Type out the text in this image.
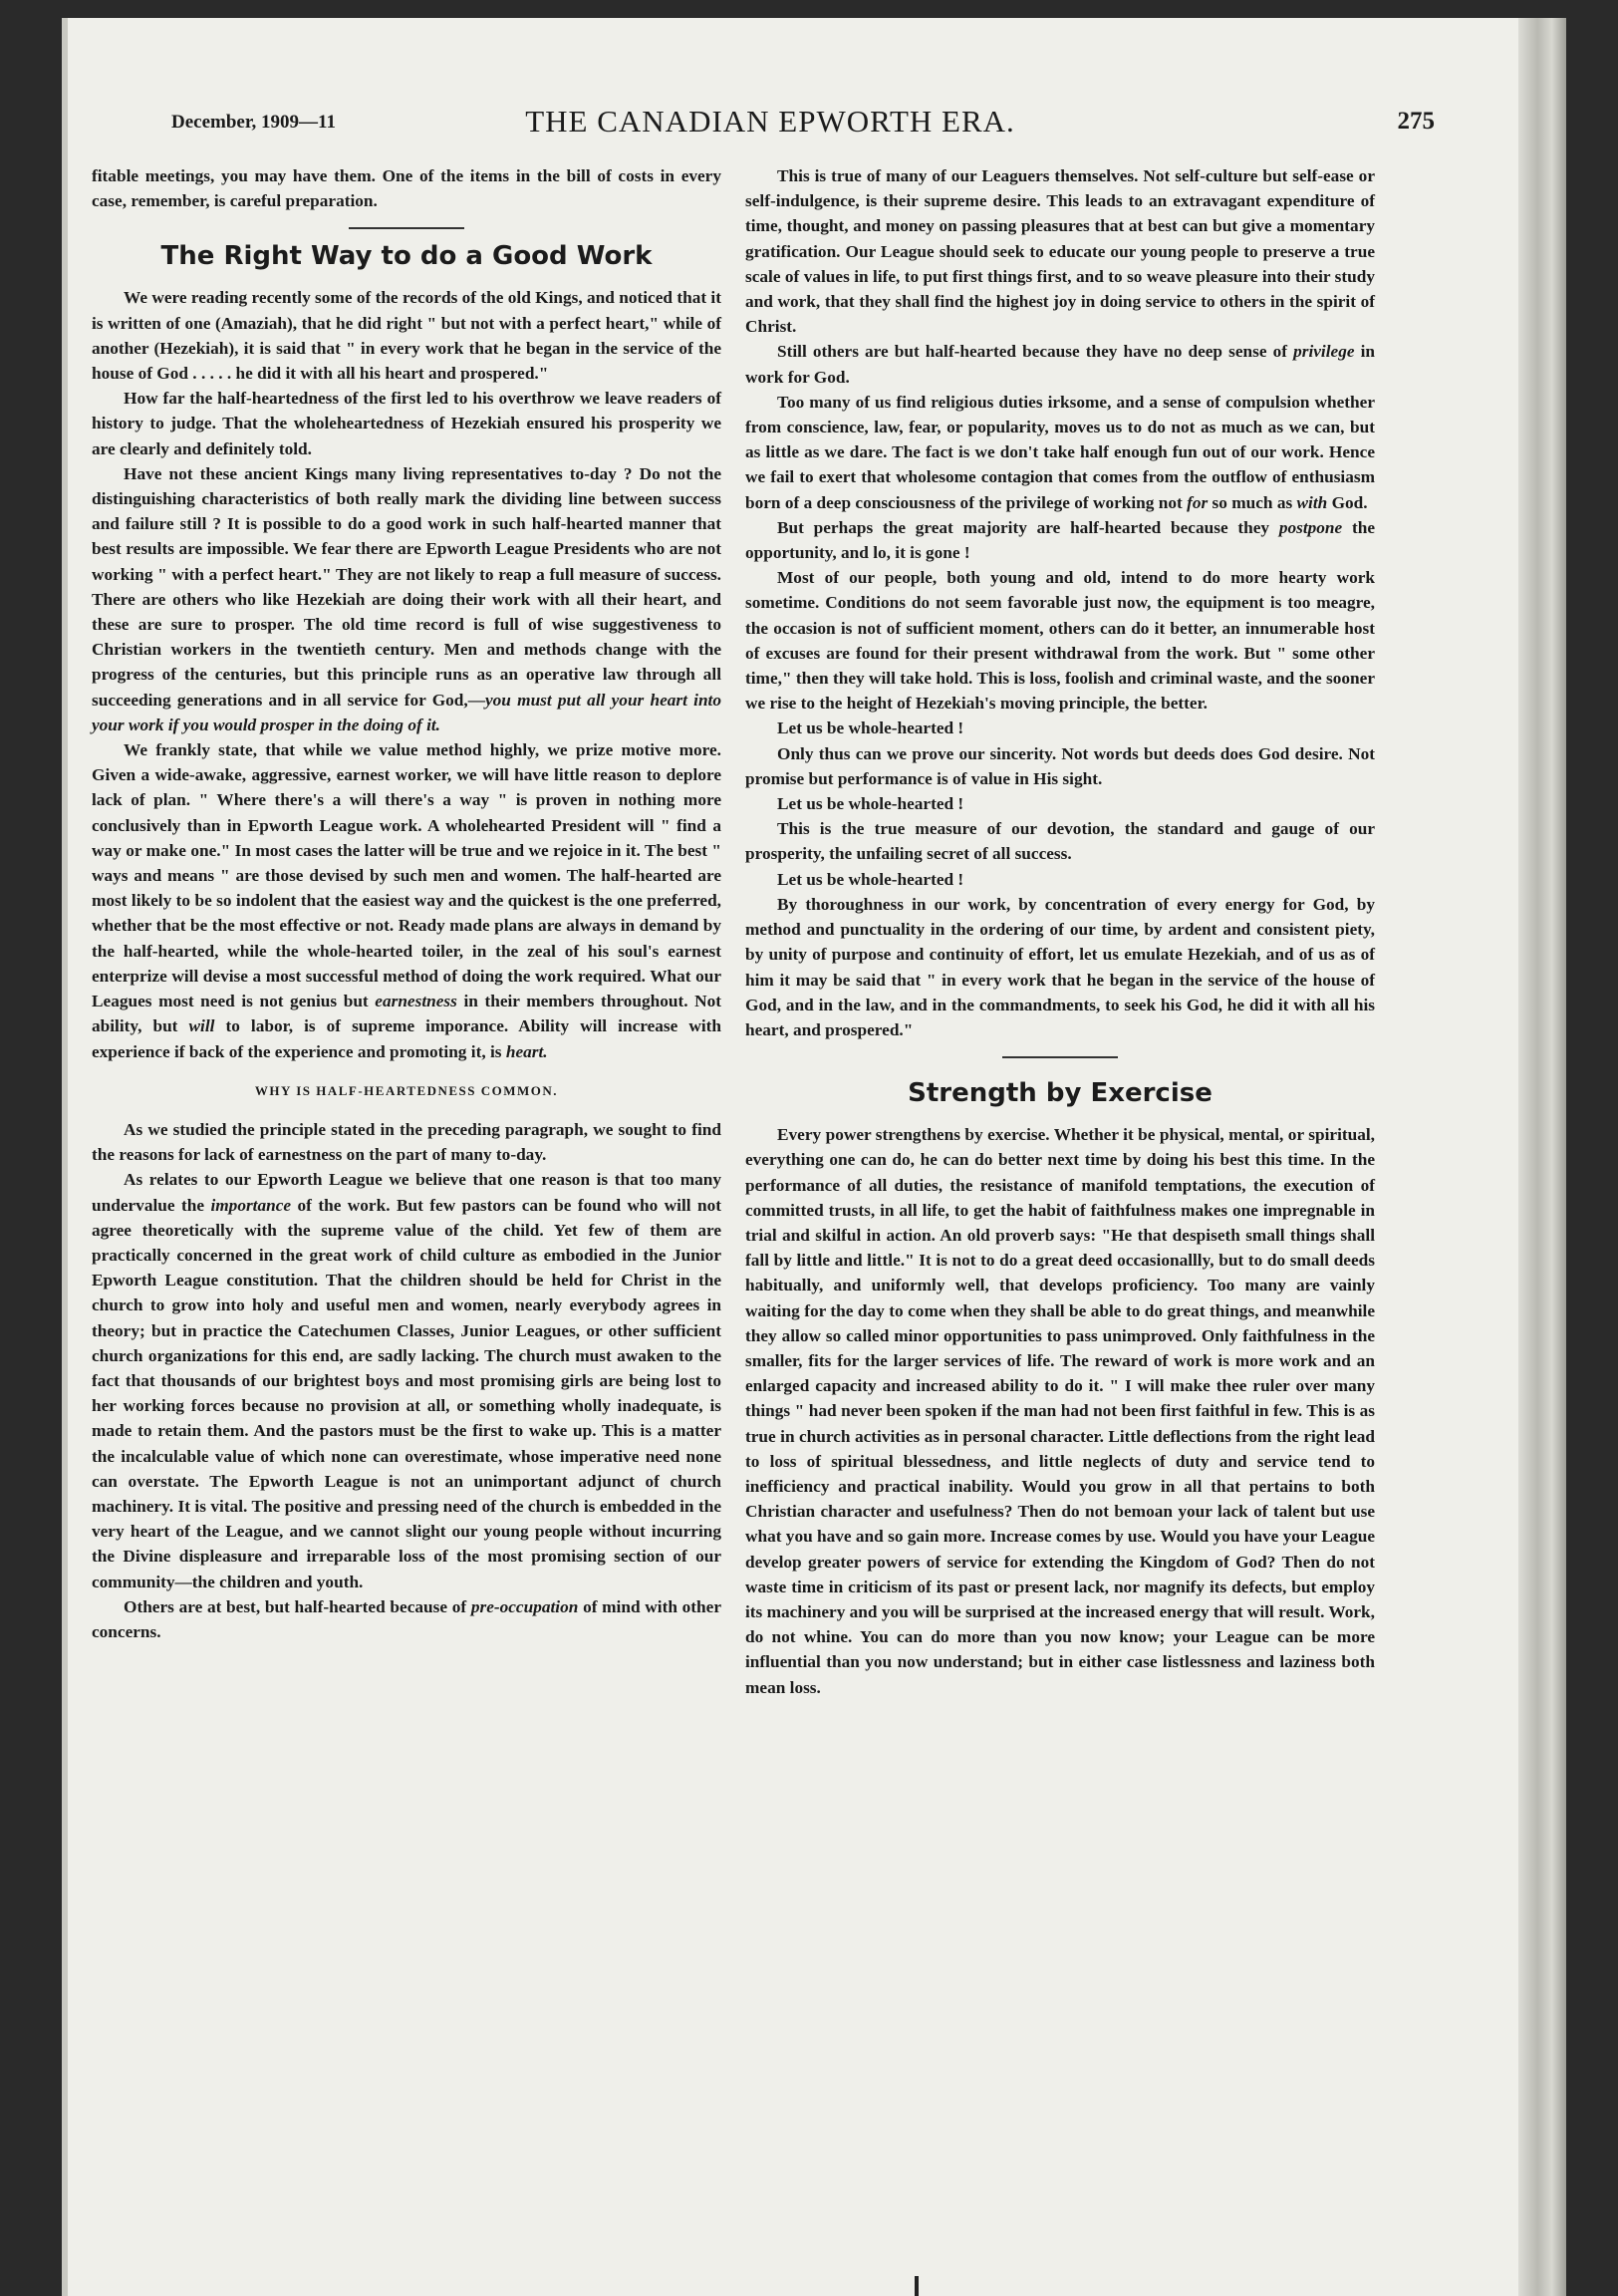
December, 1909—11	THE CANADIAN EPWORTH ERA.	275

fitable meetings, you may have them. One of the items in the bill of costs in every case, remember, is careful preparation.

The Right Way to do a Good Work

We were reading recently some of the records of the old Kings, and noticed that it is written of one (Amaziah), that he did right " but not with a perfect heart," while of another (Hezekiah), it is said that " in every work that he began in the service of the house of God . . . . . he did it with all his heart and prospered."

How far the half-heartedness of the first led to his overthrow we leave readers of history to judge. That the wholeheartedness of Hezekiah ensured his prosperity we are clearly and definitely told.

Have not these ancient Kings many living representatives to-day ? Do not the distinguishing characteristics of both really mark the dividing line between success and failure still ? It is possible to do a good work in such half-hearted manner that best results are impossible. We fear there are Epworth League Presidents who are not working " with a perfect heart." They are not likely to reap a full measure of success. There are others who like Hezekiah are doing their work with all their heart, and these are sure to prosper. The old time record is full of wise suggestiveness to Christian workers in the twentieth century. Men and methods change with the progress of the centuries, but this principle runs as an operative law through all succeeding generations and in all service for God,—you must put all your heart into your work if you would prosper in the doing of it.

We frankly state, that while we value method highly, we prize motive more. Given a wide-awake, aggressive, earnest worker, we will have little reason to deplore lack of plan. " Where there's a will there's a way " is proven in nothing more conclusively than in Epworth League work. A wholehearted President will " find a way or make one." In most cases the latter will be true and we rejoice in it. The best " ways and means " are those devised by such men and women. The half-hearted are most likely to be so indolent that the easiest way and the quickest is the one preferred, whether that be the most effective or not. Ready made plans are always in demand by the half-hearted, while the whole-hearted toiler, in the zeal of his soul's earnest enterprize will devise a most successful method of doing the work required. What our Leagues most need is not genius but earnestness in their members throughout. Not ability, but will to labor, is of supreme imporance. Ability will increase with experience if back of the experience and promoting it, is heart.

WHY IS HALF-HEARTEDNESS COMMON.

As we studied the principle stated in the preceding paragraph, we sought to find the reasons for lack of earnestness on the part of many to-day.

As relates to our Epworth League we believe that one reason is that too many undervalue the importance of the work. But few pastors can be found who will not agree theoretically with the supreme value of the child. Yet few of them are practically concerned in the great work of child culture as embodied in the Junior Epworth League constitution. That the children should be held for Christ in the church to grow into holy and useful men and women, nearly everybody agrees in theory; but in practice the Catechumen Classes, Junior Leagues, or other sufficient church organizations for this end, are sadly lacking. The church must awaken to the fact that thousands of our brightest boys and most promising girls are being lost to her working forces because no provision at all, or something wholly inadequate, is made to retain them. And the pastors must be the first to wake up. This is a matter the incalculable value of which none can overestimate, whose imperative need none can overstate. The Epworth League is not an unimportant adjunct of church machinery. It is vital. The positive and pressing need of the church is embedded in the very heart of the League, and we cannot slight our young people without incurring the Divine displeasure and irreparable loss of the most promising section of our community—the children and youth.

Others are at best, but half-hearted because of pre-occupation of mind with other concerns.

This is true of many of our Leaguers themselves. Not self-culture but self-ease or self-indulgence, is their supreme desire. This leads to an extravagant expenditure of time, thought, and money on passing pleasures that at best can but give a momentary gratification. Our League should seek to educate our young people to preserve a true scale of values in life, to put first things first, and to so weave pleasure into their study and work, that they shall find the highest joy in doing service to others in the spirit of Christ.

Still others are but half-hearted because they have no deep sense of privilege in work for God.

Too many of us find religious duties irksome, and a sense of compulsion whether from conscience, law, fear, or popularity, moves us to do not as much as we can, but as little as we dare. The fact is we don't take half enough fun out of our work. Hence we fail to exert that wholesome contagion that comes from the outflow of enthusiasm born of a deep consciousness of the privilege of working not for so much as with God.

But perhaps the great majority are half-hearted because they postpone the opportunity, and lo, it is gone !

Most of our people, both young and old, intend to do more hearty work sometime. Conditions do not seem favorable just now, the equipment is too meagre, the occasion is not of sufficient moment, others can do it better, an innumerable host of excuses are found for their present withdrawal from the work. But " some other time," then they will take hold. This is loss, foolish and criminal waste, and the sooner we rise to the height of Hezekiah's moving principle, the better.

Let us be whole-hearted !

Only thus can we prove our sincerity. Not words but deeds does God desire. Not promise but performance is of value in His sight.

Let us be whole-hearted !

This is the true measure of our devotion, the standard and gauge of our prosperity, the unfailing secret of all success.

Let us be whole-hearted !

By thoroughness in our work, by concentration of every energy for God, by method and punctuality in the ordering of our time, by ardent and consistent piety, by unity of purpose and continuity of effort, let us emulate Hezekiah, and of us as of him it may be said that " in every work that he began in the service of the house of God, and in the law, and in the commandments, to seek his God, he did it with all his heart, and prospered."

Strength by Exercise

Every power strengthens by exercise. Whether it be physical, mental, or spiritual, everything one can do, he can do better next time by doing his best this time. In the performance of all duties, the resistance of manifold temptations, the execution of committed trusts, in all life, to get the habit of faithfulness makes one impregnable in trial and skilful in action. An old proverb says: "He that despiseth small things shall fall by little and little." It is not to do a great deed occasionallly, but to do small deeds habitually, and uniformly well, that develops proficiency. Too many are vainly waiting for the day to come when they shall be able to do great things, and meanwhile they allow so called minor opportunities to pass unimproved. Only faithfulness in the smaller, fits for the larger services of life. The reward of work is more work and an enlarged capacity and increased ability to do it. " I will make thee ruler over many things " had never been spoken if the man had not been first faithful in few. This is as true in church activities as in personal character. Little deflections from the right lead to loss of spiritual blessedness, and little neglects of duty and service tend to inefficiency and practical inability. Would you grow in all that pertains to both Christian character and usefulness? Then do not bemoan your lack of talent but use what you have and so gain more. Increase comes by use. Would you have your League develop greater powers of service for extending the Kingdom of God? Then do not waste time in criticism of its past or present lack, nor magnify its defects, but employ its machinery and you will be surprised at the increased energy that will result. Work, do not whine. You can do more than you now know; your League can be more influential than you now understand; but in either case listlessness and laziness both mean loss.
